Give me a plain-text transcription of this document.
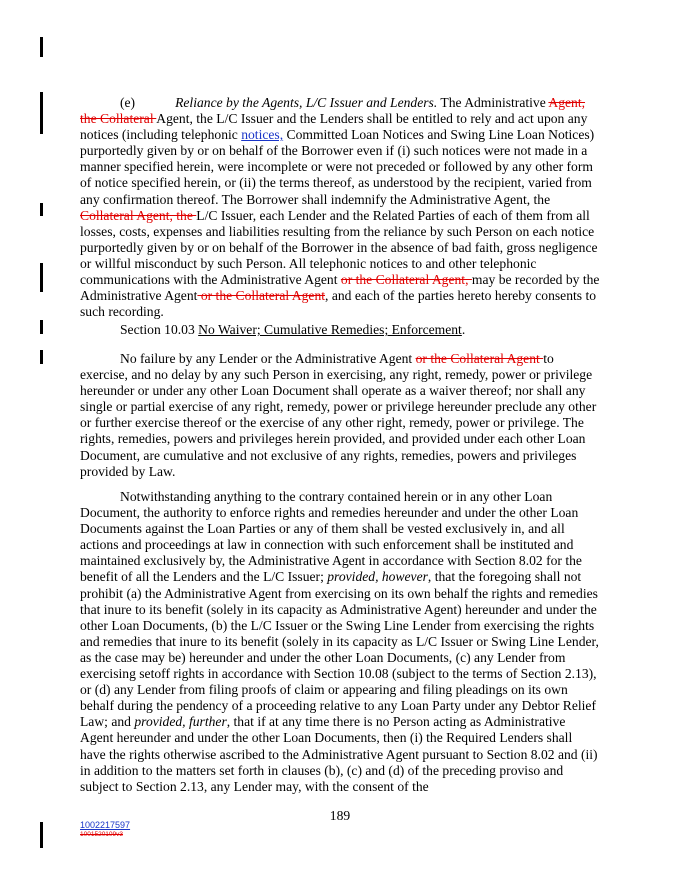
(e)	Reliance by the Agents, L/C Issuer and Lenders. The Administrative Agent, the Collateral Agent, the L/C Issuer and the Lenders shall be entitled to rely and act upon any notices (including telephonic notices, Committed Loan Notices and Swing Line Loan Notices) purportedly given by or on behalf of the Borrower even if (i) such notices were not made in a manner specified herein, were incomplete or were not preceded or followed by any other form of notice specified herein, or (ii) the terms thereof, as understood by the recipient, varied from any confirmation thereof. The Borrower shall indemnify the Administrative Agent, the Collateral Agent, the L/C Issuer, each Lender and the Related Parties of each of them from all losses, costs, expenses and liabilities resulting from the reliance by such Person on each notice purportedly given by or on behalf of the Borrower in the absence of bad faith, gross negligence or willful misconduct by such Person. All telephonic notices to and other telephonic communications with the Administrative Agent or the Collateral Agent, may be recorded by the Administrative Agent or the Collateral Agent, and each of the parties hereto hereby consents to such recording.

Section 10.03 No Waiver; Cumulative Remedies; Enforcement.

No failure by any Lender or the Administrative Agent or the Collateral Agent to exercise, and no delay by any such Person in exercising, any right, remedy, power or privilege hereunder or under any other Loan Document shall operate as a waiver thereof; nor shall any single or partial exercise of any right, remedy, power or privilege hereunder preclude any other or further exercise thereof or the exercise of any other right, remedy, power or privilege. The rights, remedies, powers and privileges herein provided, and provided under each other Loan Document, are cumulative and not exclusive of any rights, remedies, powers and privileges provided by Law.

Notwithstanding anything to the contrary contained herein or in any other Loan Document, the authority to enforce rights and remedies hereunder and under the other Loan Documents against the Loan Parties or any of them shall be vested exclusively in, and all actions and proceedings at law in connection with such enforcement shall be instituted and maintained exclusively by, the Administrative Agent in accordance with Section 8.02 for the benefit of all the Lenders and the L/C Issuer; provided, however, that the foregoing shall not prohibit (a) the Administrative Agent from exercising on its own behalf the rights and remedies that inure to its benefit (solely in its capacity as Administrative Agent) hereunder and under the other Loan Documents, (b) the L/C Issuer or the Swing Line Lender from exercising the rights and remedies that inure to its benefit (solely in its capacity as L/C Issuer or Swing Line Lender, as the case may be) hereunder and under the other Loan Documents, (c) any Lender from exercising setoff rights in accordance with Section 10.08 (subject to the terms of Section 2.13), or (d) any Lender from filing proofs of claim or appearing and filing pleadings on its own behalf during the pendency of a proceeding relative to any Loan Party under any Debtor Relief Law; and provided, further, that if at any time there is no Person acting as Administrative Agent hereunder and under the other Loan Documents, then (i) the Required Lenders shall have the rights otherwise ascribed to the Administrative Agent pursuant to Section 8.02 and (ii) in addition to the matters set forth in clauses (b), (c) and (d) of the preceding proviso and subject to Section 2.13, any Lender may, with the consent of the

189
1002217597
1001520109v3
